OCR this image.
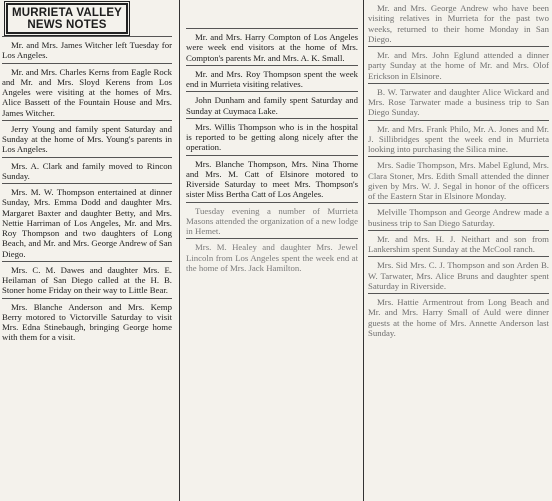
MURRIETA VALLEY
NEWS NOTES

Mr. and Mrs. James Witcher left Tuesday for Los Angeles.

Mr. and Mrs. Charles Kerns from Eagle Rock and Mr. and Mrs. Sloyd Kerens from Los Angeles were visiting at the homes of Mrs. Alice Bassett of the Fountain House and Mrs. James Witcher.

Jerry Young and family spent Saturday and Sunday at the home of Mrs. Young's parents in Los Angeles.

Mrs. A. Clark and family moved to Rincon Sunday.

Mrs. M. W. Thompson entertained at dinner Sunday, Mrs. Emma Dodd and daughter Mrs. Margaret Baxter and daughter Betty, and Mrs. Nettie Harriman of Los Angeles, Mr. and Mrs. Roy Thompson and two daughters of Long Beach, and Mr. and Mrs. George Andrew of San Diego.

Mrs. C. M. Dawes and daughter Mrs. E. Heilaman of San Diego called at the H. B. Stoner home Friday on their way to Little Bear.

Mrs. Blanche Anderson and Mrs. Kemp Berry motored to Victorville Saturday to visit Mrs. Edna Stinebaugh, bringing George home with them for a visit.

Mr. and Mrs. Harry Compton of Los Angeles were week end visitors at the home of Mrs. Compton's parents Mr. and Mrs. A. K. Small.

Mr. and Mrs. Roy Thompson spent the week end in Murrieta visiting relatives.

John Dunham and family spent Saturday and Sunday at Cuymaca Lake.

Mrs. Willis Thompson who is in the hospital is reported to be getting along nicely after the operation.

Mrs. Blanche Thompson, Mrs. Nina Thorne and Mrs. M. Catt of Elsinore motored to Riverside Saturday to meet Mrs. Thompson's sister Miss Bertha Catt of Los Angeles.

Tuesday evening a number of Murrieta Masons attended the organization of a new lodge in Hemet.

Mrs. M. Healey and daughter Mrs. Jewel Lincoln from Los Angeles spent the week end at the home of Mrs. Jack Hamilton.

Mr. and Mrs. George Andrew who have been visiting relatives in Murrieta for the past two weeks, returned to their home Monday in San Diego.

Mr. and Mrs. John Eglund attended a dinner party Sunday at the home of Mr. and Mrs. Olof Erickson in Elsinore.

B. W. Tarwater and daughter Alice Wickard and Mrs. Rose Tarwater made a business trip to San Diego Sunday.

Mr. and Mrs. Frank Philo, Mr. A. Jones and Mr. J. Sillibridges spent the week end in Murrieta looking into purchasing the Silica mine.

Mrs. Sadie Thompson, Mrs. Mabel Eglund, Mrs. Clara Stoner, Mrs. Edith Small attended the dinner given by Mrs. W. J. Segal in honor of the officers of the Eastern Star in Elsinore Monday.

Melville Thompson and George Andrew made a business trip to San Diego Saturday.

Mr. and Mrs. H. J. Neithart and son from Lankershim spent Sunday at the McCool ranch.

Mrs. Sid Mrs. C. J. Thompson and son Arden B. W. Tarwater, Mrs. Alice Bruns and daughter spent Saturday in Riverside.

Mrs. Hattie Armentrout from Long Beach and Mr. and Mrs. Harry Small of Auld were dinner guests at the home of Mrs. Annette Anderson last Sunday.
